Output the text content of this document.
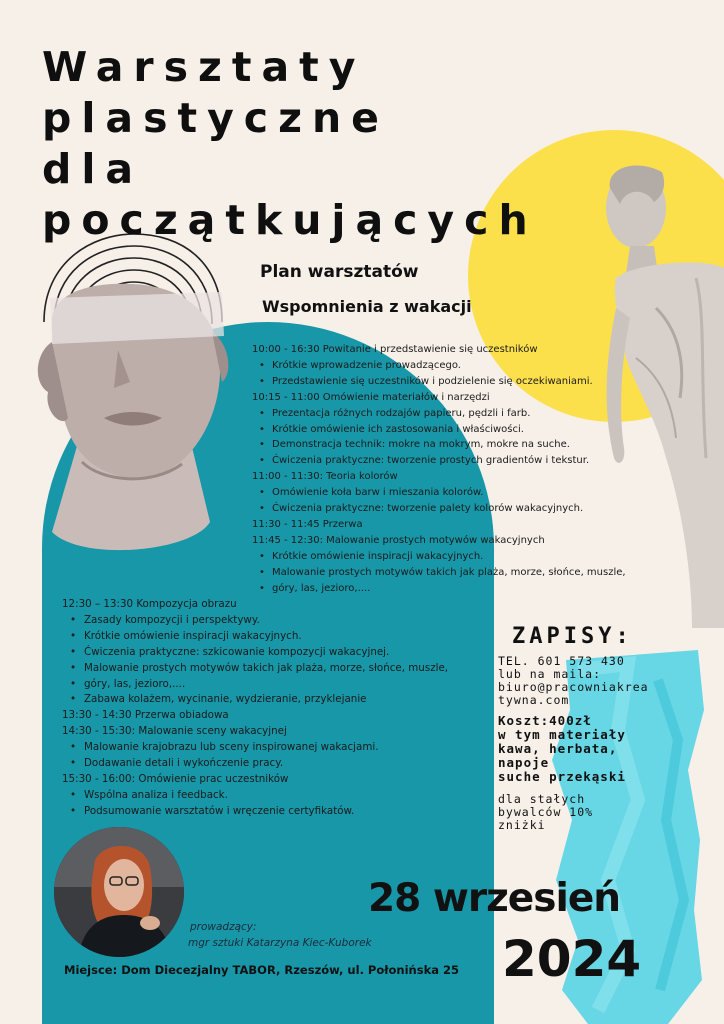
Warsztaty
plastyczne
dla
początkujących
Plan warsztatów
Wspomnienia z wakacji
10:00 - 16:30 Powitanie i przedstawienie się uczestników
• Krótkie wprowadzenie prowadzącego.
• Przedstawienie się uczestników i podzielenie się oczekiwaniami.
10:15 - 11:00 Omówienie materiałów i narzędzi
• Prezentacja różnych rodzajów papieru, pędzli i farb.
• Krótkie omówienie ich zastosowania i właściwości.
• Demonstracja technik: mokre na mokrym, mokre na suche.
• Ćwiczenia praktyczne: tworzenie prostych gradientów i tekstur.
11:00 - 11:30: Teoria kolorów
• Omówienie koła barw i mieszania kolorów.
• Ćwiczenia praktyczne: tworzenie palety kolorów wakacyjnych.
11:30 - 11:45 Przerwa
11:45 - 12:30: Malowanie prostych motywów wakacyjnych
• Krótkie omówienie inspiracji wakacyjnych.
• Malowanie prostych motywów takich jak plaża, morze, słońce, muszle,
• góry, las, jezioro,....
12:30 – 13:30 Kompozycja obrazu
• Zasady kompozycji i perspektywy.
• Krótkie omówienie inspiracji wakacyjnych.
• Ćwiczenia praktyczne: szkicowanie kompozycji wakacyjnej.
• Malowanie prostych motywów takich jak plaża, morze, słońce, muszle,
• góry, las, jezioro,....
• Zabawa kolażem, wycinanie, wydzieranie, przyklejanie
13:30 - 14:30 Przerwa obiadowa
14:30 - 15:30: Malowanie sceny wakacyjnej
• Malowanie krajobrazu lub sceny inspirowanej wakacjami.
• Dodawanie detali i wykończenie pracy.
15:30 - 16:00: Omówienie prac uczestników
• Wspólna analiza i feedback.
• Podsumowanie warsztatów i wręczenie certyfikatów.
ZAPISY:
TEL. 601 573 430
lub na maila:
biuro@pracowniakrea
tywna.com
Koszt:400zł
w tym materiały
kawa, herbata,
napoje
suche przekąski
dla stałych
bywalców 10%
zniżki
28 wrzesień
2024
prowadzący:
mgr sztuki Katarzyna Kiec-Kuborek
Miejsce: Dom Diecezjalny TABOR, Rzeszów, ul. Połonińska 25
